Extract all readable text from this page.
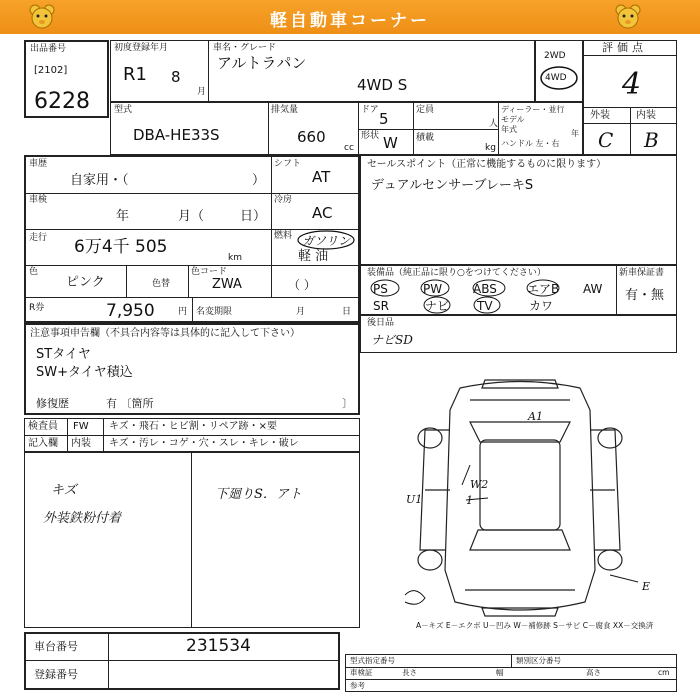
軽自動車コーナー
出品番号
[2102]
6228
初度登録年月
R1 8
月
車名・グレード
アルトラパン
4WD S
2WD
4WD
評価点
4
外装	内装
C B
型式
DBA-HE33S
排気量
660
cc
ドア 5
形状 W
定員
人
積載
kg
ディーラー・並行
モデル
年式	年
ハンドル 左・右
車歴
自家用・（	）
シフト
AT
車検
年	月（	日）
冷房
AC
走行 6万4千 505
km
燃料 ガソリン
軽 油
色
ピンク	色替
色コード
ZWA	（ ）
R券	7,950	円 名変期限	月	日
セールスポイント（正常に機能するものに限ります）
デュアルセンサーブレーキS
装備品（純正品に限り○をつけてください）	新車保証書
有・無
PS	PW	ABS	エアB AW
SR	ナビ TV	カワ
後日品
ナビSD
注意事項申告欄（不具合内容等は具体的に記入して下さい）
STタイヤ
SW+タイヤ積込
修復歴	有 〔箇所	〕
検査員
記入欄
FW
内装
キズ・飛石・ヒビ割・リペア跡・×要
キズ・汚レ・コゲ・穴・スレ・キレ・破レ
キズ
外装鉄粉付着
下廻りS．アト
A1
W2
U1	1
E
A－キズ E－エクボ U－凹み W－補修跡 S－サビ C－腐食 XX－交換済
車台番号	231534
登録番号
型式指定番号	類別区分番号
車検証
参考
長さ	幅	高さ	cm
